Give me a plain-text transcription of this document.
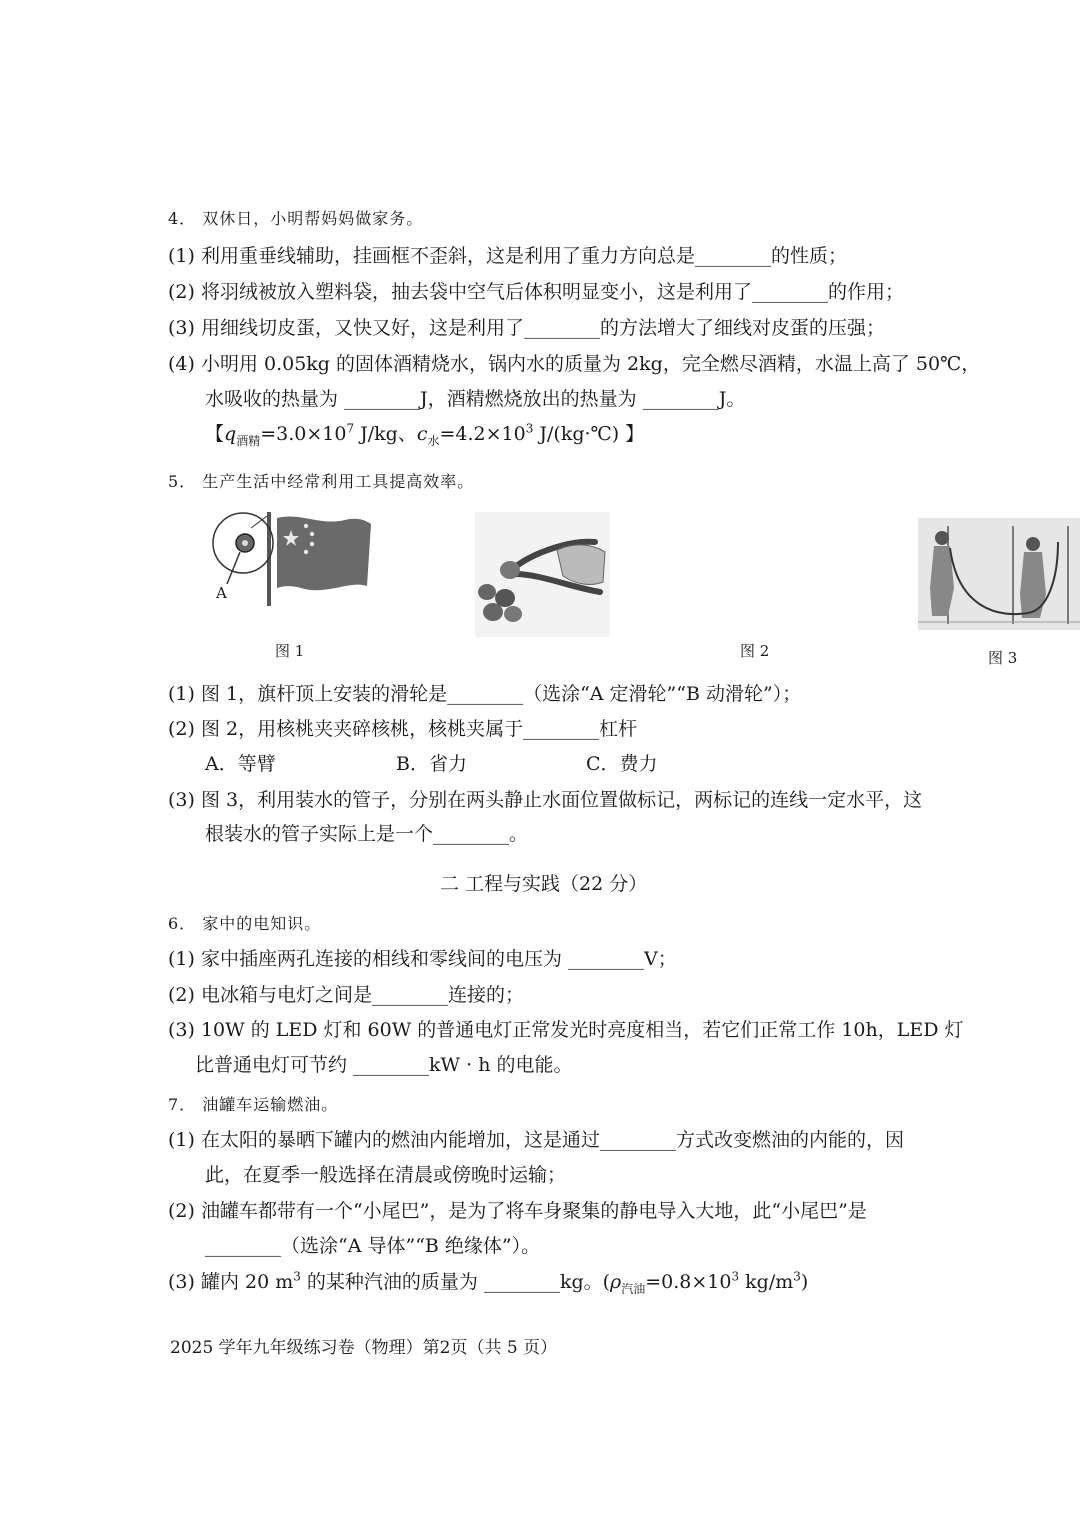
4． 双休日，小明帮妈妈做家务。
(1) 利用重垂线辅助，挂画框不歪斜，这是利用了重力方向总是________的性质；
(2) 将羽绒被放入塑料袋，抽去袋中空气后体积明显变小，这是利用了________的作用；
(3) 用细线切皮蛋，又快又好，这是利用了________的方法增大了细线对皮蛋的压强；
(4) 小明用 0.05kg 的固体酒精烧水，锅内水的质量为 2kg，完全燃尽酒精，水温上高了 50℃，
水吸收的热量为 ________J，酒精燃烧放出的热量为 ________J。
【$q_{酒精}=3.0\times 10^7$ J/kg、$c_水=4.2\times 10^3$ J/(kg·℃) 】
5． 生产生活中经常利用工具提高效率。
A
图 1	图 2	图 3
(1) 图 1，旗杆顶上安装的滑轮是________（选涂“A 定滑轮”“B 动滑轮”）；
(2) 图 2，用核桃夹夹碎核桃，核桃夹属于________杠杆
A．等臂	B．省力	C．费力
(3) 图 3，利用装水的管子，分别在两头静止水面位置做标记，两标记的连线一定水平，这
根装水的管子实际上是一个________。
二 工程与实践（22 分）
6． 家中的电知识。
(1) 家中插座两孔连接的相线和零线间的电压为 ________V；
(2) 电冰箱与电灯之间是________连接的；
(3) 10W 的 LED 灯和 60W 的普通电灯正常发光时亮度相当，若它们正常工作 10h，LED 灯
比普通电灯可节约 ________kW · h 的电能。
7． 油罐车运输燃油。
(1) 在太阳的暴晒下罐内的燃油内能增加，这是通过________方式改变燃油的内能的，因
此，在夏季一般选择在清晨或傍晚时运输；
(2) 油罐车都带有一个“小尾巴”，是为了将车身聚集的静电导入大地，此“小尾巴”是
________（选涂“A 导体”“B 绝缘体”）。
(3) 罐内 20 $m^3$ 的某种汽油的质量为 ________kg。($\rho_{汽油}=0.8\times 10^3$ $kg/m^3$)
2025 学年九年级练习卷（物理）第2页（共 5 页）
